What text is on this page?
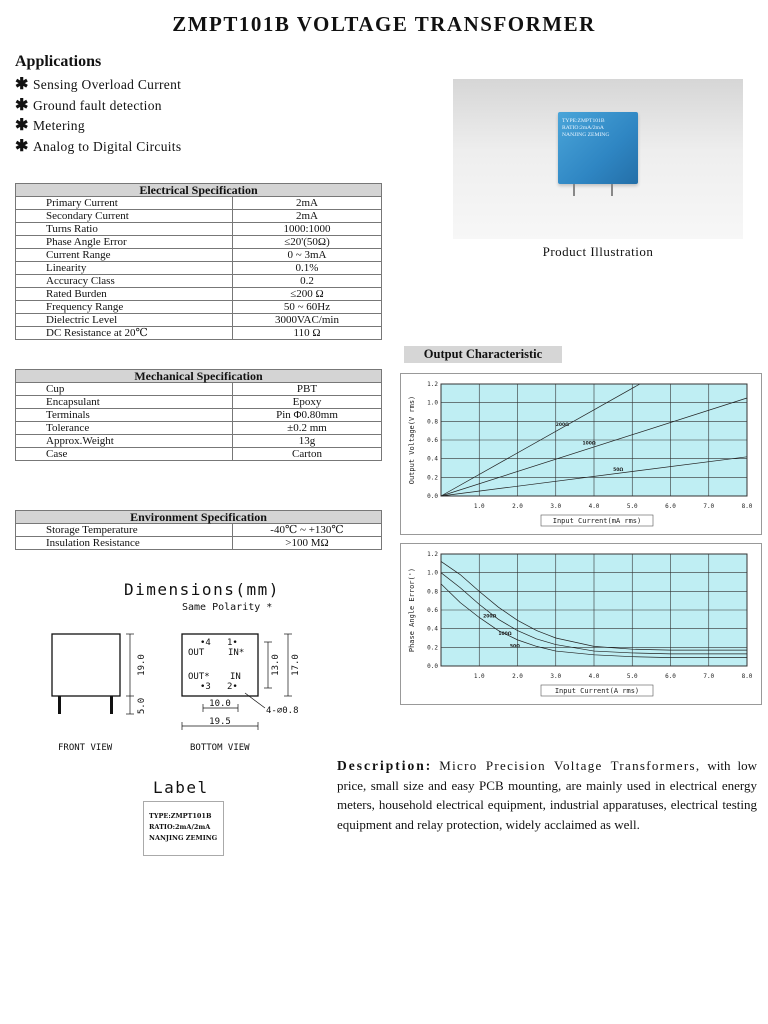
ZMPT101B VOLTAGE TRANSFORMER
Applications
✱ Sensing Overload Current
✱ Ground fault detection
✱ Metering
✱ Analog to Digital Circuits
TYPE:ZMPT101B
RATIO:2mA/2mA
NANJING ZEMING
Product Illustration
Electrical Specification	
Primary Current	2mA
Secondary Current	2mA
Turns Ratio	1000:1000
Phase Angle Error	≤20'(50Ω)
Current Range	0 ~ 3mA
Linearity	0.1%
Accuracy Class	0.2
Rated Burden	≤200 Ω
Frequency Range	50 ~ 60Hz
Dielectric Level	3000VAC/min
DC Resistance at 20℃	110 Ω
Mechanical Specification	
Cup	PBT
Encapsulant	Epoxy
Terminals	Pin Φ0.80mm
Tolerance	±0.2 mm
Approx.Weight	13g
Case	Carton
Environment Specification	
Storage Temperature	-40℃ ~ +130℃
Insulation Resistance	>100 MΩ
Output Characteristic
0.0
0.2
0.4
0.6
0.8
1.0
1.2
1.0	2.0	3.0	4.0	5.0	6.0	7.0	8.0
200Ω
100Ω
50Ω
Output Voltage(V rms)
Input Current(mA rms)
0.0
0.2
0.4
0.6
0.8
1.0
1.2
1.0	2.0	3.0	4.0	5.0	6.0	7.0	8.0
200Ω
100Ω
50Ω
Phase Angle Error(')
Input Current(A rms)
Dimensions(mm)
Same Polarity *
19.0
5.0
FRONT VIEW
•4 1•
OUT	IN*
OUT* IN
•3 2•
13.0 17.0
10.0
19.5
4-⌀0.8
BOTTOM VIEW
Label
TYPE:ZMPT101B
RATIO:2mA/2mA
NANJING ZEMING
Description: Micro Precision Voltage Transformers, with low price, small size and easy PCB mounting, are mainly used in electrical energy meters, household electrical equipment, industrial apparatuses, electrical testing equipment and relay protection, widely acclaimed as well.
